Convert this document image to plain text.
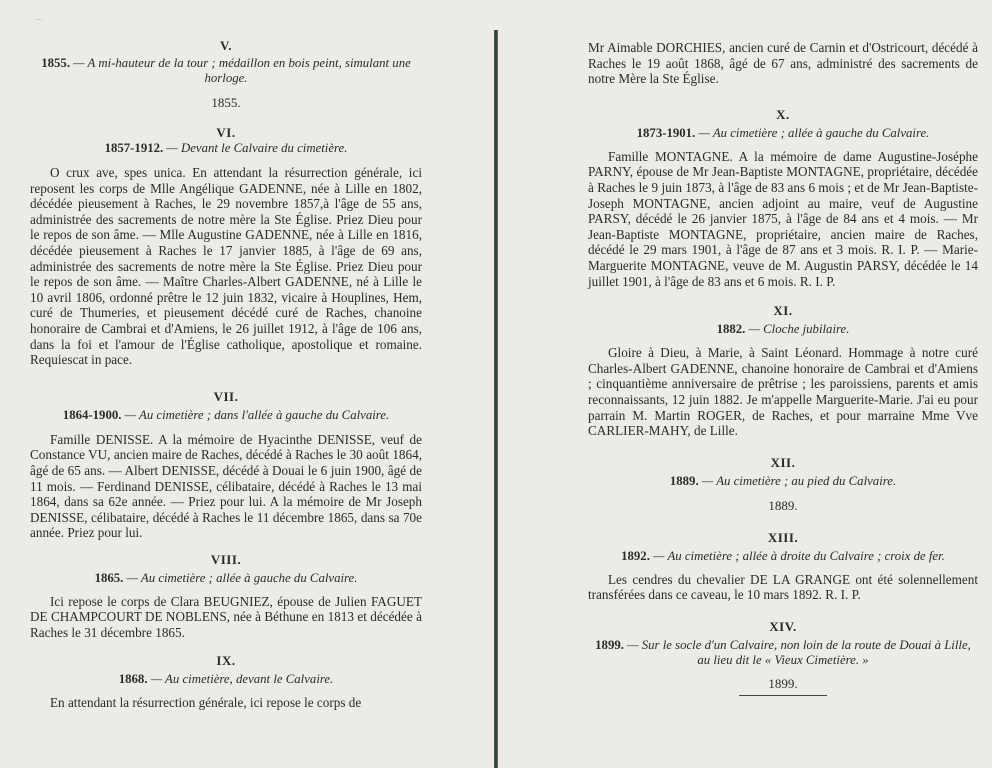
...
V.
1855. — A mi-hauteur de la tour ; médaillon en bois peint, simulant une horloge.
1855.
VI.
1857-1912. — Devant le Calvaire du cimetière.

O crux ave, spes unica. En attendant la résurrection générale, ici reposent les corps de Mlle Angélique GADENNE, née à Lille en 1802, décédée pieusement à Raches, le 29 novembre 1857,à l'âge de 55 ans, administrée des sacrements de notre mère la Ste Église. Priez Dieu pour le repos de son âme. — Mlle Augustine GADENNE, née à Lille en 1816, décédée pieusement à Raches le 17 janvier 1885, à l'âge de 69 ans, administrée des sacrements de notre mère la Ste Église. Priez Dieu pour le repos de son âme. — Maître Charles-Albert GADENNE, né à Lille le 10 avril 1806, ordonné prêtre le 12 juin 1832, vicaire à Houplines, Hem, curé de Thumeries, et pieusement décédé curé de Raches, chanoine honoraire de Cambrai et d'Amiens, le 26 juillet 1912, à l'âge de 106 ans, dans la foi et l'amour de l'Église catholique, apostolique et romaine. Requiescat in pace.

VII.
1864-1900. — Au cimetière ; dans l'allée à gauche du Calvaire.

Famille DENISSE. A la mémoire de Hyacinthe DENISSE, veuf de Constance VU, ancien maire de Raches, décédé à Raches le 30 août 1864, âgé de 65 ans. — Albert DENISSE, décédé à Douai le 6 juin 1900, âgé de 11 mois. — Ferdinand DENISSE, célibataire, décédé à Raches le 13 mai 1864, dans sa 62e année. — Priez pour lui. A la mémoire de Mr Joseph DENISSE, célibataire, décédé à Raches le 11 décembre 1865, dans sa 70e année. Priez pour lui.

VIII.
1865. — Au cimetière ; allée à gauche du Calvaire.

Ici repose le corps de Clara BEUGNIEZ, épouse de Julien FAGUET DE CHAMPCOURT DE NOBLENS, née à Béthune en 1813 et décédée à Raches le 31 décembre 1865.

IX.
1868. — Au cimetière, devant le Calvaire.

En attendant la résurrection générale, ici repose le corps de

Mr Aimable DORCHIES, ancien curé de Carnin et d'Ostricourt, décédé à Raches le 19 août 1868, âgé de 67 ans, administré des sacrements de notre Mère la Ste Église.

X.
1873-1901. — Au cimetière ; allée à gauche du Calvaire.

Famille MONTAGNE. A la mémoire de dame Augustine-Joséphe PARNY, épouse de Mr Jean-Baptiste MONTAGNE, propriétaire, décédée à Raches le 9 juin 1873, à l'âge de 83 ans 6 mois ; et de Mr Jean-Baptiste-Joseph MONTAGNE, ancien adjoint au maire, veuf de Augustine PARSY, décédé le 26 janvier 1875, à l'âge de 84 ans et 4 mois. — Mr Jean-Baptiste MONTAGNE, propriétaire, ancien maire de Raches, décédé le 29 mars 1901, à l'âge de 87 ans et 3 mois. R. I. P. — Marie-Marguerite MONTAGNE, veuve de M. Augustin PARSY, décédée le 14 juillet 1901, à l'âge de 83 ans et 6 mois. R. I. P.

XI.
1882. — Cloche jubilaire.

Gloire à Dieu, à Marie, à Saint Léonard. Hommage à notre curé Charles-Albert GADENNE, chanoine honoraire de Cambrai et d'Amiens ; cinquantième anniversaire de prêtrise ; les paroissiens, parents et amis reconnaissants, 12 juin 1882. Je m'appelle Marguerite-Marie. J'ai eu pour parrain M. Martin ROGER, de Raches, et pour marraine Mme Vve CARLIER-MAHY, de Lille.

XII.
1889. — Au cimetière ; au pied du Calvaire.
1889.
XIII.
1892. — Au cimetière ; allée à droite du Calvaire ; croix de fer.

Les cendres du chevalier DE LA GRANGE ont été solennellement transférées dans ce caveau, le 10 mars 1892. R. I. P.

XIV.
1899. — Sur le socle d'un Calvaire, non loin de la route de Douai à Lille, au lieu dit le « Vieux Cimetière. »
1899.
